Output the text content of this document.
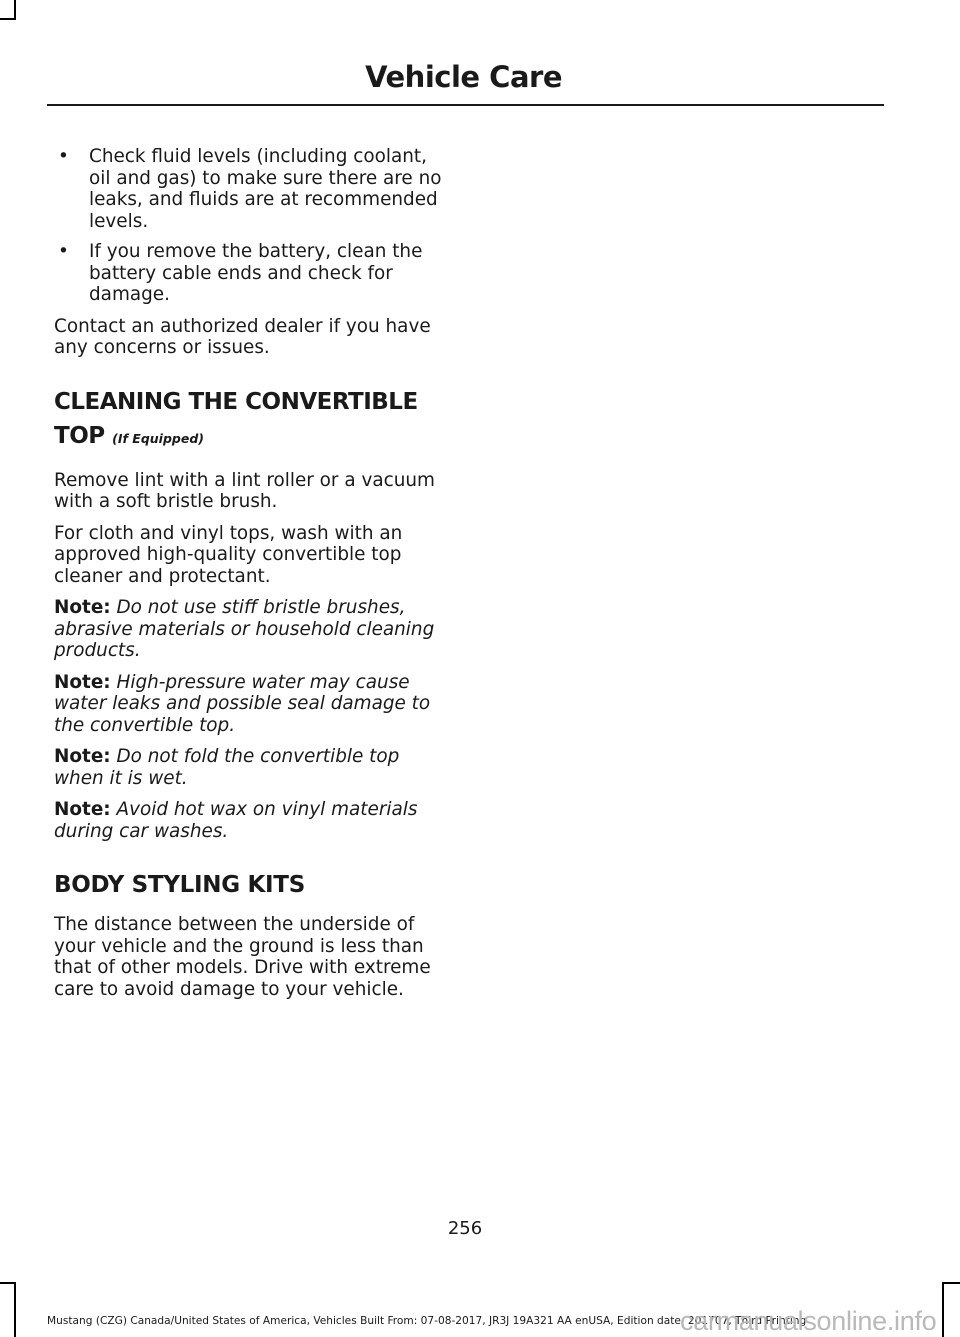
Vehicle Care
• Check fluid levels (including coolant, oil and gas) to make sure there are no leaks, and fluids are at recommended levels.
• If you remove the battery, clean the battery cable ends and check for damage.

Contact an authorized dealer if you have any concerns or issues.

CLEANING THE CONVERTIBLE
TOP (If Equipped)

Remove lint with a lint roller or a vacuum with a soft bristle brush.

For cloth and vinyl tops, wash with an approved high-quality convertible top cleaner and protectant.

Note: Do not use stiff bristle brushes, abrasive materials or household cleaning products.

Note: High-pressure water may cause water leaks and possible seal damage to the convertible top.

Note: Do not fold the convertible top when it is wet.

Note: Avoid hot wax on vinyl materials during car washes.

BODY STYLING KITS

The distance between the underside of your vehicle and the ground is less than that of other models. Drive with extreme care to avoid damage to your vehicle.

256
Mustang (CZG) Canada/United States of America, Vehicles Built From: 07-08-2017, JR3J 19A321 AA enUSA, Edition date: 201707, Third Printing
carmanualsonline.info
